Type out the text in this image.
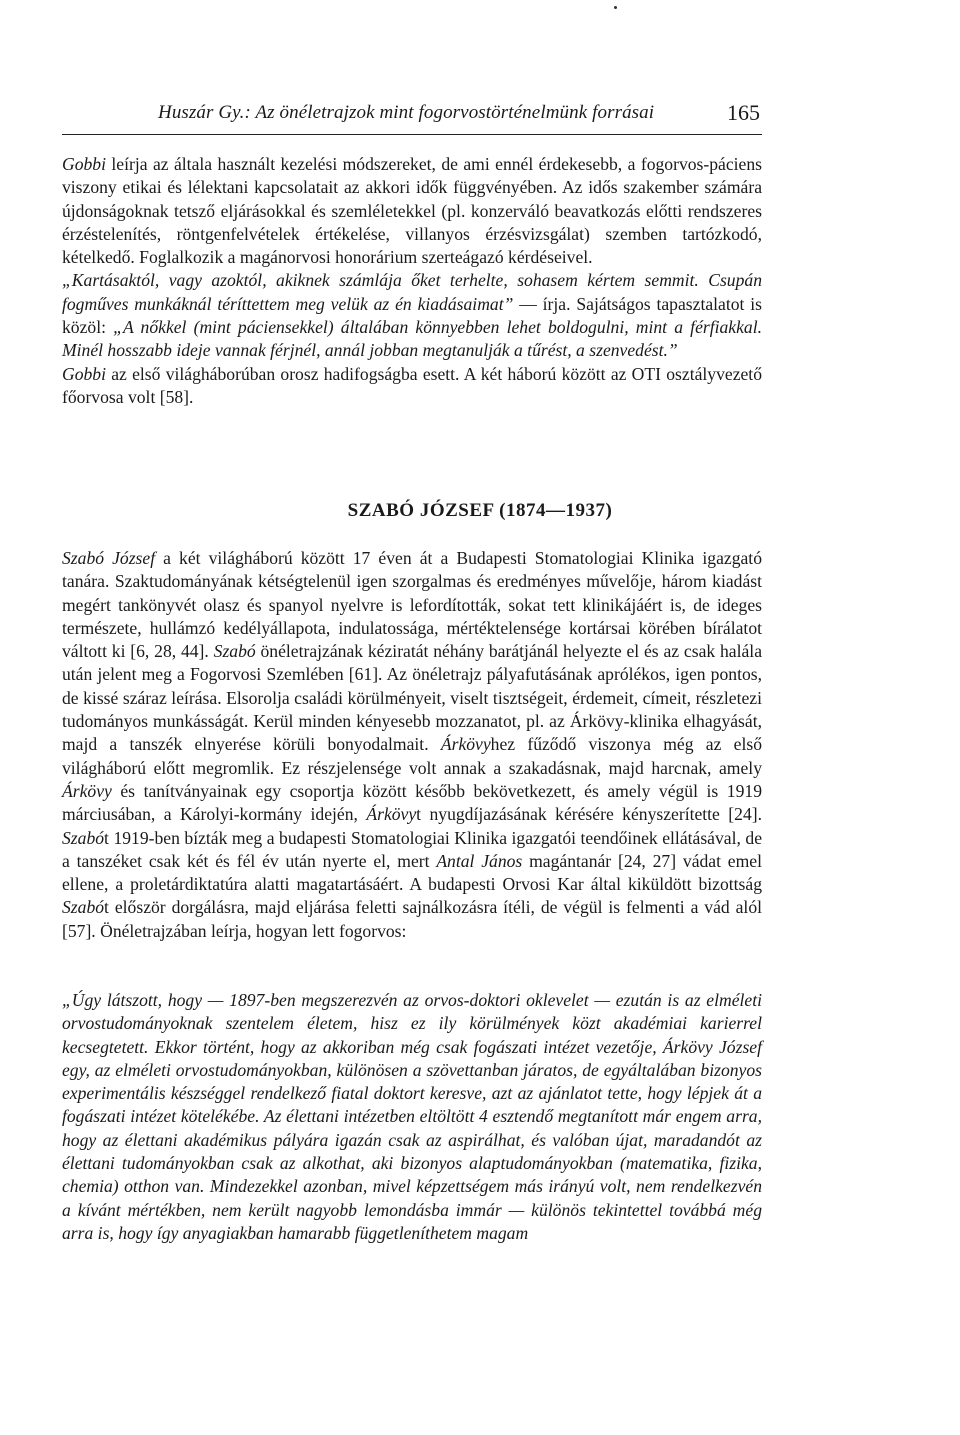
Huszár Gy.: Az önéletrajzok mint fogorvostörténelmünk forrásai	165

Gobbi leírja az általa használt kezelési módszereket, de ami ennél érdekesebb, a fogorvos-páciens viszony etikai és lélektani kapcsolatait az akkori idők függvényében. Az idős szakember számára újdonságoknak tetsző eljárásokkal és szemléletekkel (pl. konzerváló beavatkozás előtti rendszeres érzéstelenítés, röntgenfelvételek értékelése, villanyos érzésvizsgálat) szemben tartózkodó, kételkedő. Foglalkozik a magánorvosi honorárium szerteágazó kérdéseivel.
„Kartásaktól, vagy azoktól, akiknek számlája őket terhelte, sohasem kértem semmit. Csupán fogműves munkáknál téríttettem meg velük az én kiadásaimat” — írja. Sajátságos tapasztalatot is közöl: „A nőkkel (mint páciensekkel) általában könnyebben lehet boldogulni, mint a férfiakkal. Minél hosszabb ideje vannak férjnél, annál jobban megtanulják a tűrést, a szenvedést.”
Gobbi az első világháborúban orosz hadifogságba esett. A két háború között az OTI osztályvezető főorvosa volt [58].

SZABÓ JÓZSEF (1874—1937)

Szabó József a két világháború között 17 éven át a Budapesti Stomatologiai Klinika igazgató tanára. Szaktudományának kétségtelenül igen szorgalmas és eredményes művelője, három kiadást megért tankönyvét olasz és spanyol nyelvre is lefordították, sokat tett klinikájáért is, de ideges természete, hullámzó kedélyállapota, indulatossága, mértéktelensége kortársai körében bírálatot váltott ki [6, 28, 44]. Szabó önéletrajzának kéziratát néhány barátjánál helyezte el és az csak halála után jelent meg a Fogorvosi Szemlében [61]. Az önéletrajz pályafutásának aprólékos, igen pontos, de kissé száraz leírása. Elsorolja családi körülményeit, viselt tisztségeit, érdemeit, címeit, részletezi tudományos munkásságát. Kerül minden kényesebb mozzanatot, pl. az Árkövy-klinika elhagyását, majd a tanszék elnyerése körüli bonyodalmait. Árkövyhez fűződő viszonya még az első világháború előtt megromlik. Ez részjelensége volt annak a szakadásnak, majd harcnak, amely Árkövy és tanítványainak egy csoportja között később bekövetkezett, és amely végül is 1919 márciusában, a Károlyi-kormány idején, Árkövyt nyugdíjazásának kérésére kényszerítette [24]. Szabót 1919-ben bízták meg a budapesti Stomatologiai Klinika igazgatói teendőinek ellátásával, de a tanszéket csak két és fél év után nyerte el, mert Antal János magántanár [24, 27] vádat emel ellene, a proletárdiktatúra alatti magatartásáért. A budapesti Orvosi Kar által kiküldött bizottság Szabót először dorgálásra, majd eljárása feletti sajnálkozásra ítéli, de végül is felmenti a vád alól [57]. Önéletrajzában leírja, hogyan lett fogorvos:

„Úgy látszott, hogy — 1897-ben megszerezvén az orvos-doktori oklevelet — ezután is az elméleti orvostudományoknak szentelem életem, hisz ez ily körülmények közt akadémiai karierrel kecsegtetett. Ekkor történt, hogy az akkoriban még csak fogászati intézet vezetője, Árkövy József egy, az elméleti orvostudományokban, különösen a szövettanban járatos, de egyáltalában bizonyos experimentális készséggel rendelkező fiatal doktort keresve, azt az ajánlatot tette, hogy lépjek át a fogászati intézet kötelékébe. Az élettani intézetben eltöltött 4 esztendő megtanított már engem arra, hogy az élettani akadémikus pályára igazán csak az aspirálhat, és valóban újat, maradandót az élettani tudományokban csak az alkothat, aki bizonyos alaptudományokban (matematika, fizika, chemia) otthon van. Mindezekkel azonban, mivel képzettségem más irányú volt, nem rendelkezvén a kívánt mértékben, nem került nagyobb lemondásba immár — különös tekintettel továbbá még arra is, hogy így anyagiakban hamarabb függetleníthetem magam
